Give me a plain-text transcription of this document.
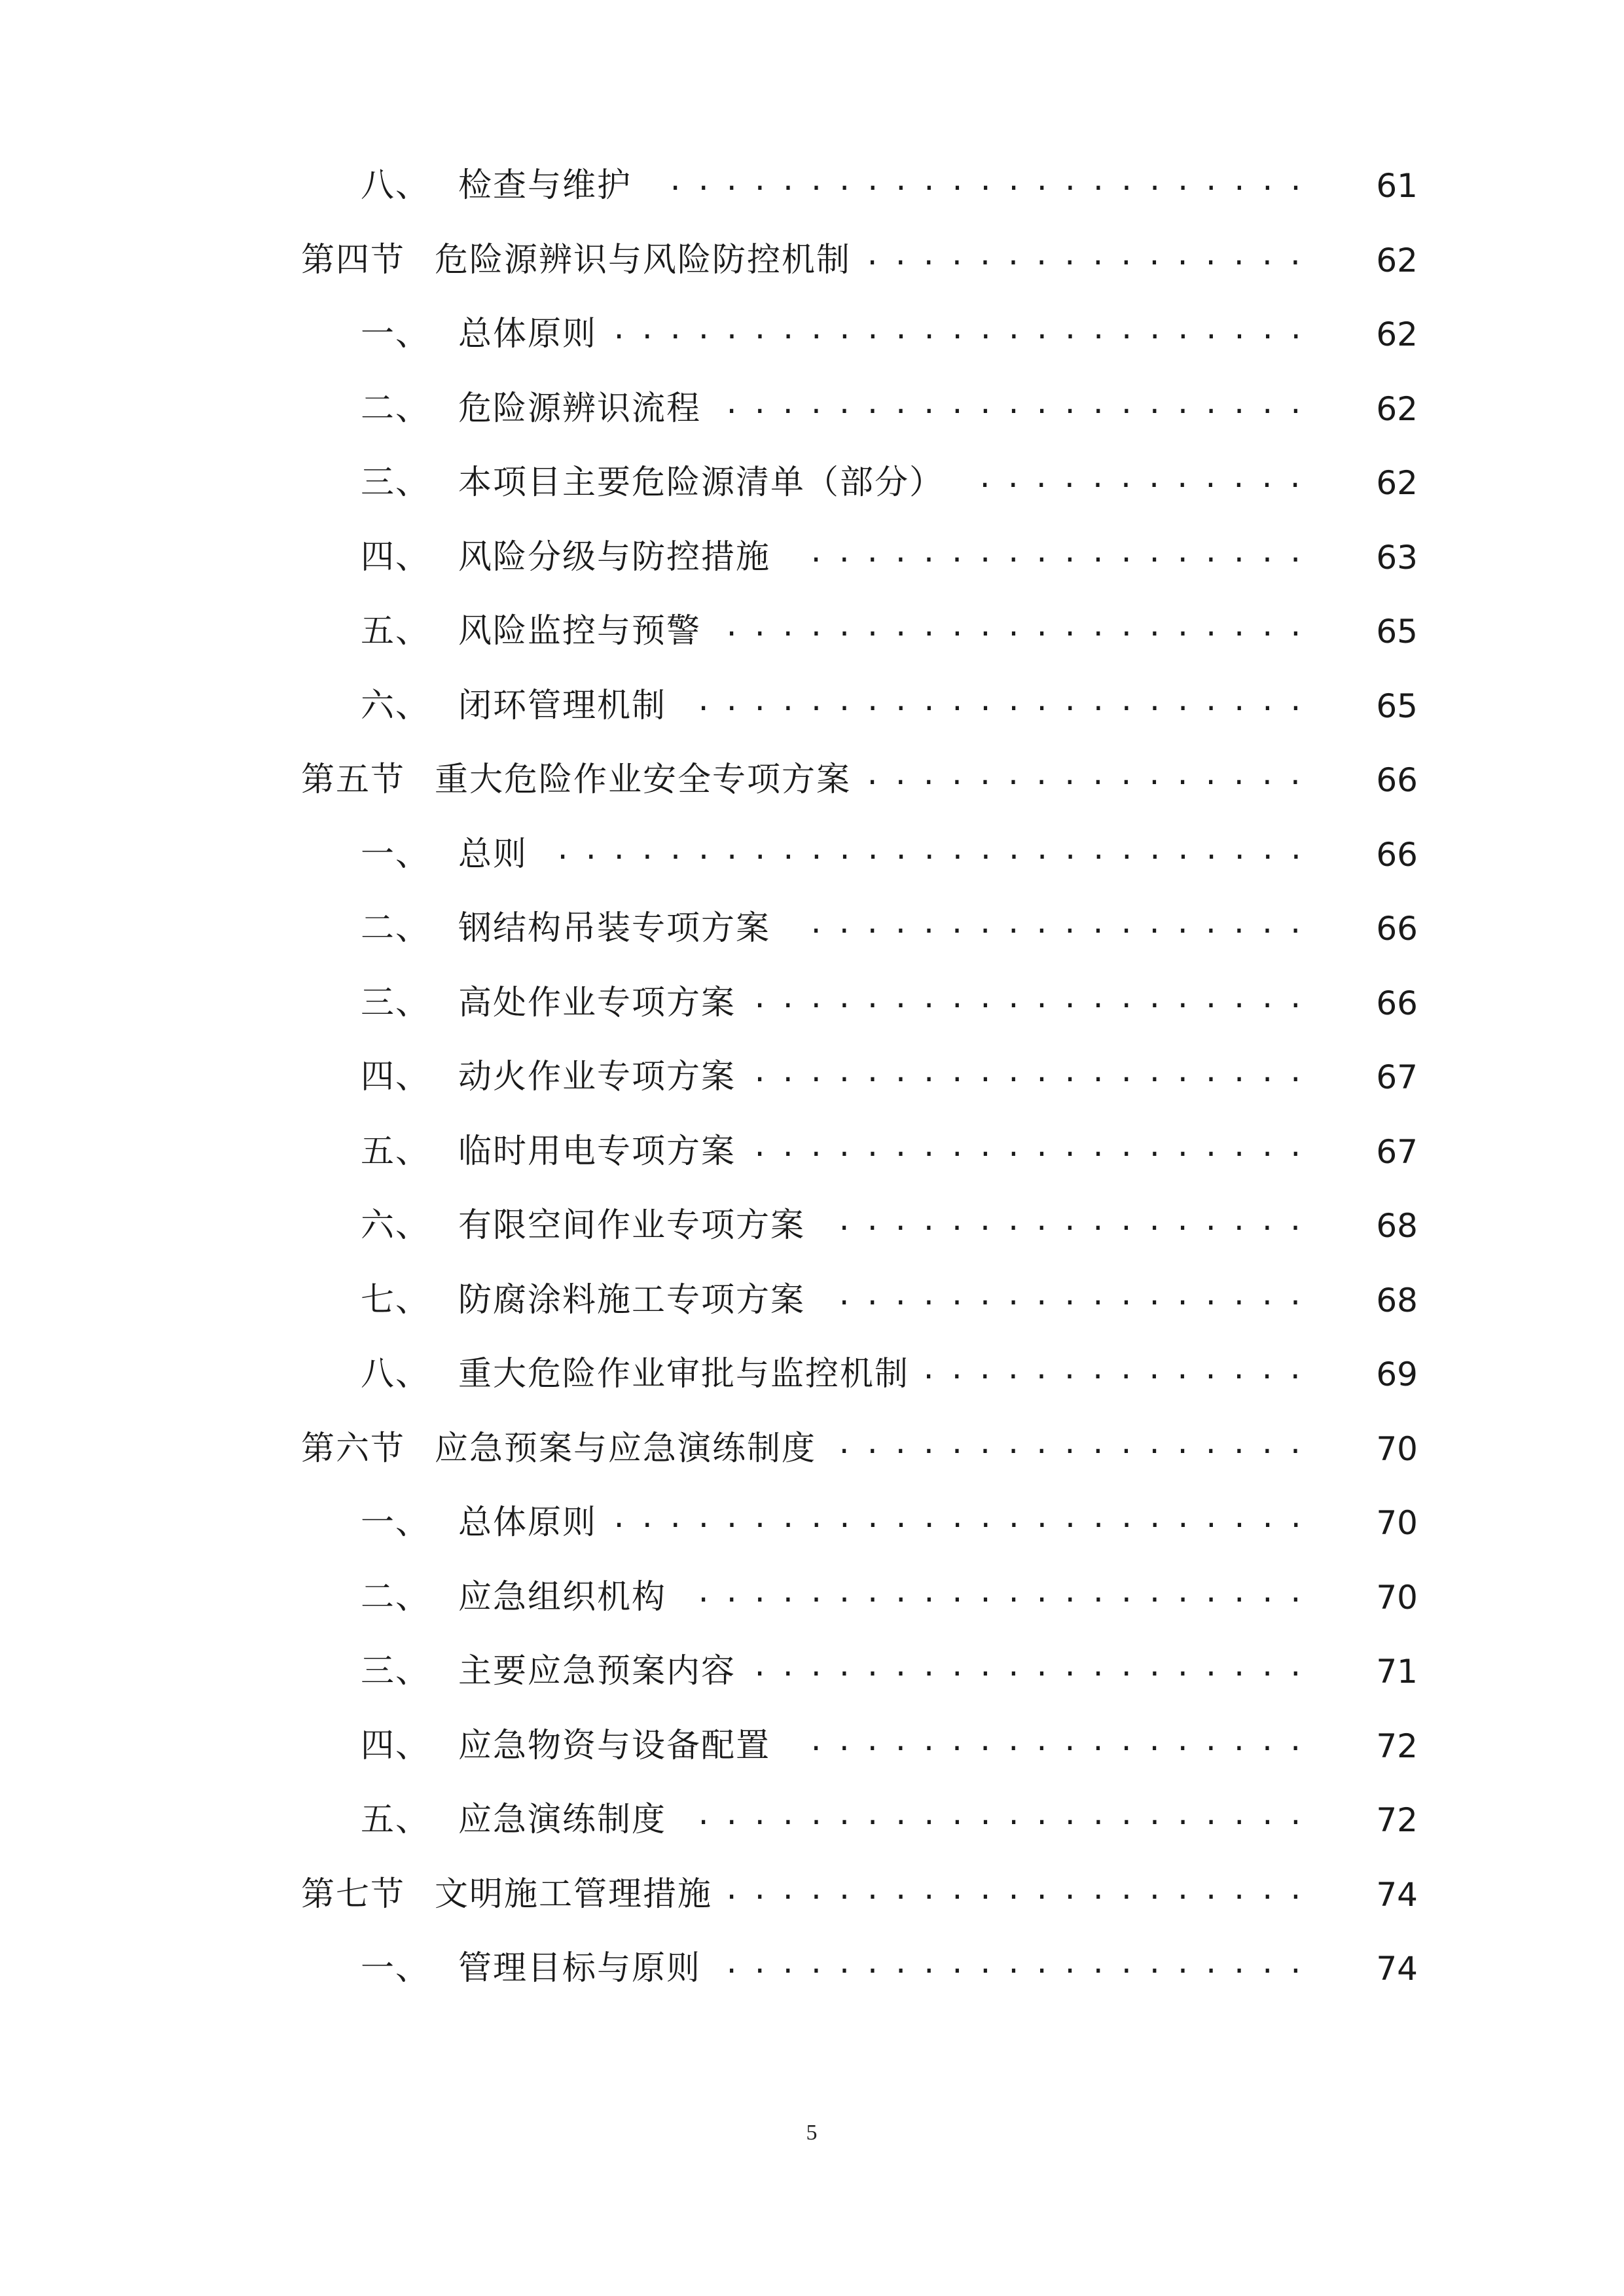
八、 检查与维护 .......................	61
第四节 危险源辨识与风险防控机制 ................	62
一、 总体原则 .........................	62
二、 危险源辨识流程 .....................	62
三、 本项目主要危险源清单（部分） ............	62
四、 风险分级与防控措施 ..................	63
五、 风险监控与预警 .....................	65
六、 闭环管理机制 ......................	65
第五节 重大危险作业安全专项方案 ................	66
一、 总则 ...........................	66
二、 钢结构吊装专项方案 ..................	66
三、 高处作业专项方案 ....................	66
四、 动火作业专项方案 ....................	67
五、 临时用电专项方案 ....................	67
六、 有限空间作业专项方案 .................	68
七、 防腐涂料施工专项方案 .................	68
八、 重大危险作业审批与监控机制 ..............	69
第六节 应急预案与应急演练制度 .................	70
一、 总体原则 .........................	70
二、 应急组织机构 ......................	70
三、 主要应急预案内容 ....................	71
四、 应急物资与设备配置 ..................	72
五、 应急演练制度 ......................	72
第七节 文明施工管理措施 .....................	74
一、 管理目标与原则 .....................	74
5
